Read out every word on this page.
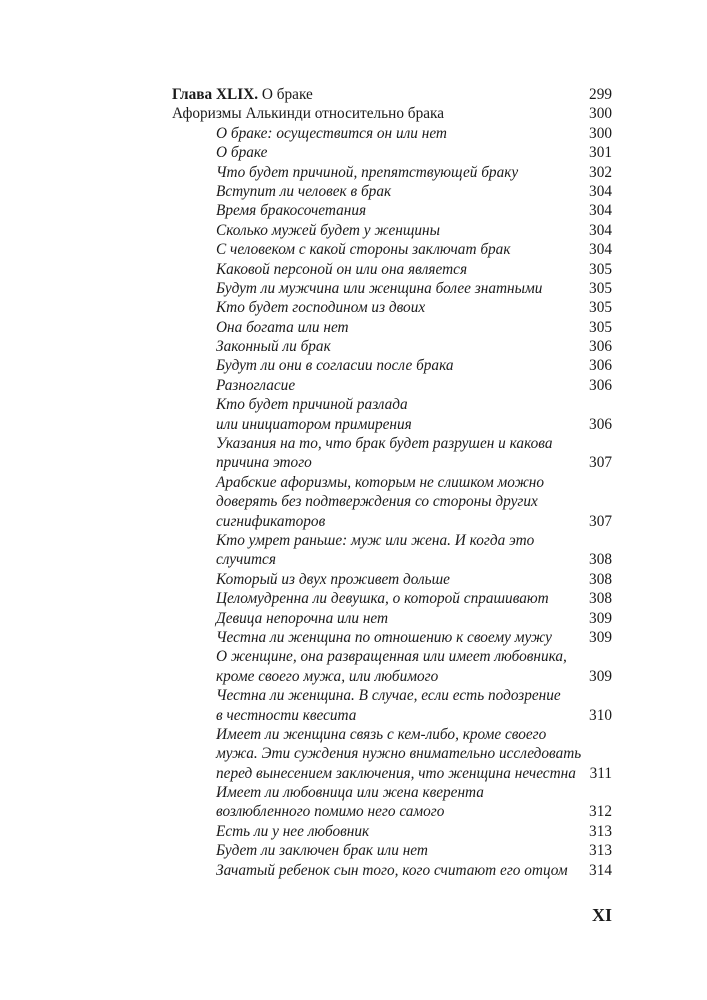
Глава XLIX. О браке	299
Афоризмы Алькинди относительно брака	300
О браке: осуществится он или нет	300
О браке	301
Что будет причиной, препятствующей браку	302
Вступит ли человек в брак	304
Время бракосочетания	304
Сколько мужей будет у женщины	304
С человеком с какой стороны заключат брак	304
Каковой персоной он или она является	305
Будут ли мужчина или женщина более знатными	305
Кто будет господином из двоих	305
Она богата или нет	305
Законный ли брак	306
Будут ли они в согласии после брака	306
Разногласие	306
Кто будет причиной разлада
или инициатором примирения	306
Указания на то, что брак будет разрушен и какова
причина этого	307
Арабские афоризмы, которым не слишком можно
доверять без подтверждения со стороны других
сигнификаторов	307
Кто умрет раньше: муж или жена. И когда это
случится	308
Который из двух проживет дольше	308
Целомудренна ли девушка, о которой спрашивают	308
Девица непорочна или нет	309
Честна ли женщина по отношению к своему мужу 309
О женщине, она развращенная или имеет любовника,
кроме своего мужа, или любимого	309
Честна ли женщина. В случае, если есть подозрение
в честности квесита	310
Имеет ли женщина связь с кем-либо, кроме своего
мужа. Эти суждения нужно внимательно исследовать
перед вынесением заключения, что женщина нечестна 311
Имеет ли любовница или жена кверента
возлюбленного помимо него самого	312
Есть ли у нее любовник	313
Будет ли заключен брак или нет	313
Зачатый ребенок сын того, кого считают его отцом 314
XI
